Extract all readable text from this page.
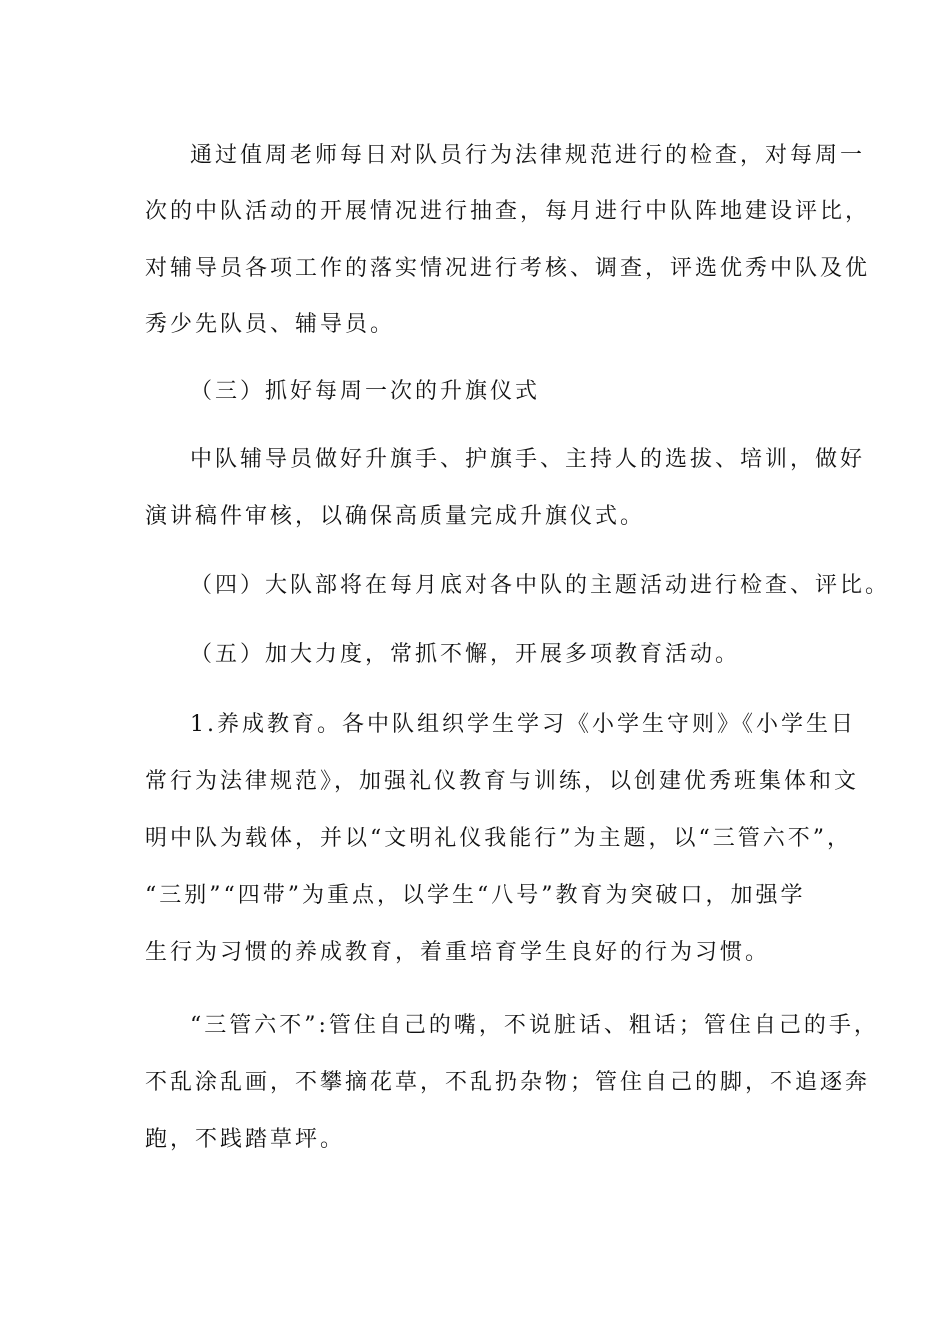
通过值周老师每日对队员行为法律规范进行的检查，对每周一
次的中队活动的开展情况进行抽查，每月进行中队阵地建设评比，
对辅导员各项工作的落实情况进行考核、调查，评选优秀中队及优
秀少先队员、辅导员。
（三）抓好每周一次的升旗仪式
中队辅导员做好升旗手、护旗手、主持人的选拔、培训，做好
演讲稿件审核，以确保高质量完成升旗仪式。
（四）大队部将在每月底对各中队的主题活动进行检查、评比。
（五）加大力度，常抓不懈，开展多项教育活动。
1.养成教育。各中队组织学生学习《小学生守则》《小学生日
常行为法律规范》，加强礼仪教育与训练，以创建优秀班集体和文
明中队为载体，并以“文明礼仪我能行”为主题，以“三管六不”，
“三别”“四带”为重点，以学生“八号”教育为突破口，加强学
生行为习惯的养成教育，着重培育学生良好的行为习惯。
“三管六不”:管住自己的嘴，不说脏话、粗话；管住自己的手，
不乱涂乱画，不攀摘花草，不乱扔杂物；管住自己的脚，不追逐奔
跑，不践踏草坪。
